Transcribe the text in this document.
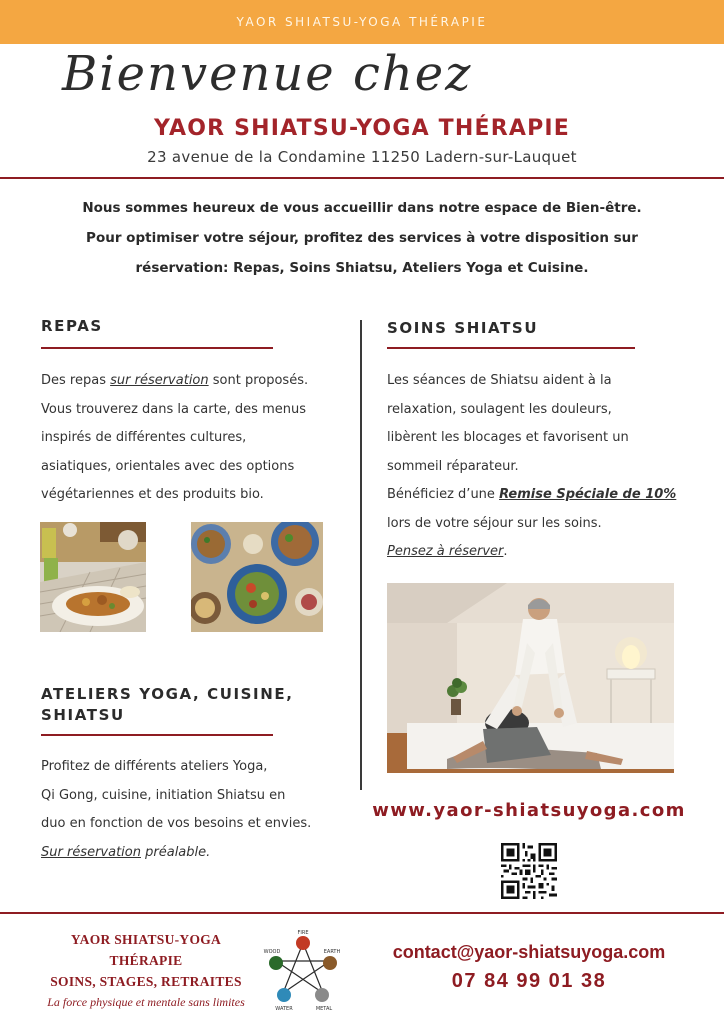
YAOR SHIATSU-YOGA THÉRAPIE
Bienvenue chez
YAOR SHIATSU-YOGA THÉRAPIE
23 avenue de la Condamine 11250 Ladern-sur-Lauquet
Nous sommes heureux de vous accueillir dans notre espace de Bien-être.
Pour optimiser votre séjour, profitez des services à votre disposition sur
réservation: Repas, Soins Shiatsu, Ateliers Yoga et Cuisine.
REPAS
Des repas sur réservation sont proposés.
Vous trouverez dans la carte, des menus
inspirés de différentes cultures,
asiatiques, orientales avec des options
végétariennes et des produits bio.
ATELIERS YOGA, CUISINE,
SHIATSU
Profitez de différents ateliers Yoga,
Qi Gong, cuisine, initiation Shiatsu en
duo en fonction de vos besoins et envies.
Sur réservation préalable.
SOINS SHIATSU
Les séances de Shiatsu aident à la
relaxation, soulagent les douleurs,
libèrent les blocages et favorisent un
sommeil réparateur.
Bénéficiez d’une Remise Spéciale de 10%
lors de votre séjour sur les soins.
Pensez à réserver.
www.yaor-shiatsuyoga.com
YAOR SHIATSU-YOGA
THÉRAPIE
SOINS, STAGES, RETRAITES
La force physique et mentale sans limites
FIRE
EARTH
METAL
WATER
WOOD	contact@yaor-shiatsuyoga.com
07 84 99 01 38
